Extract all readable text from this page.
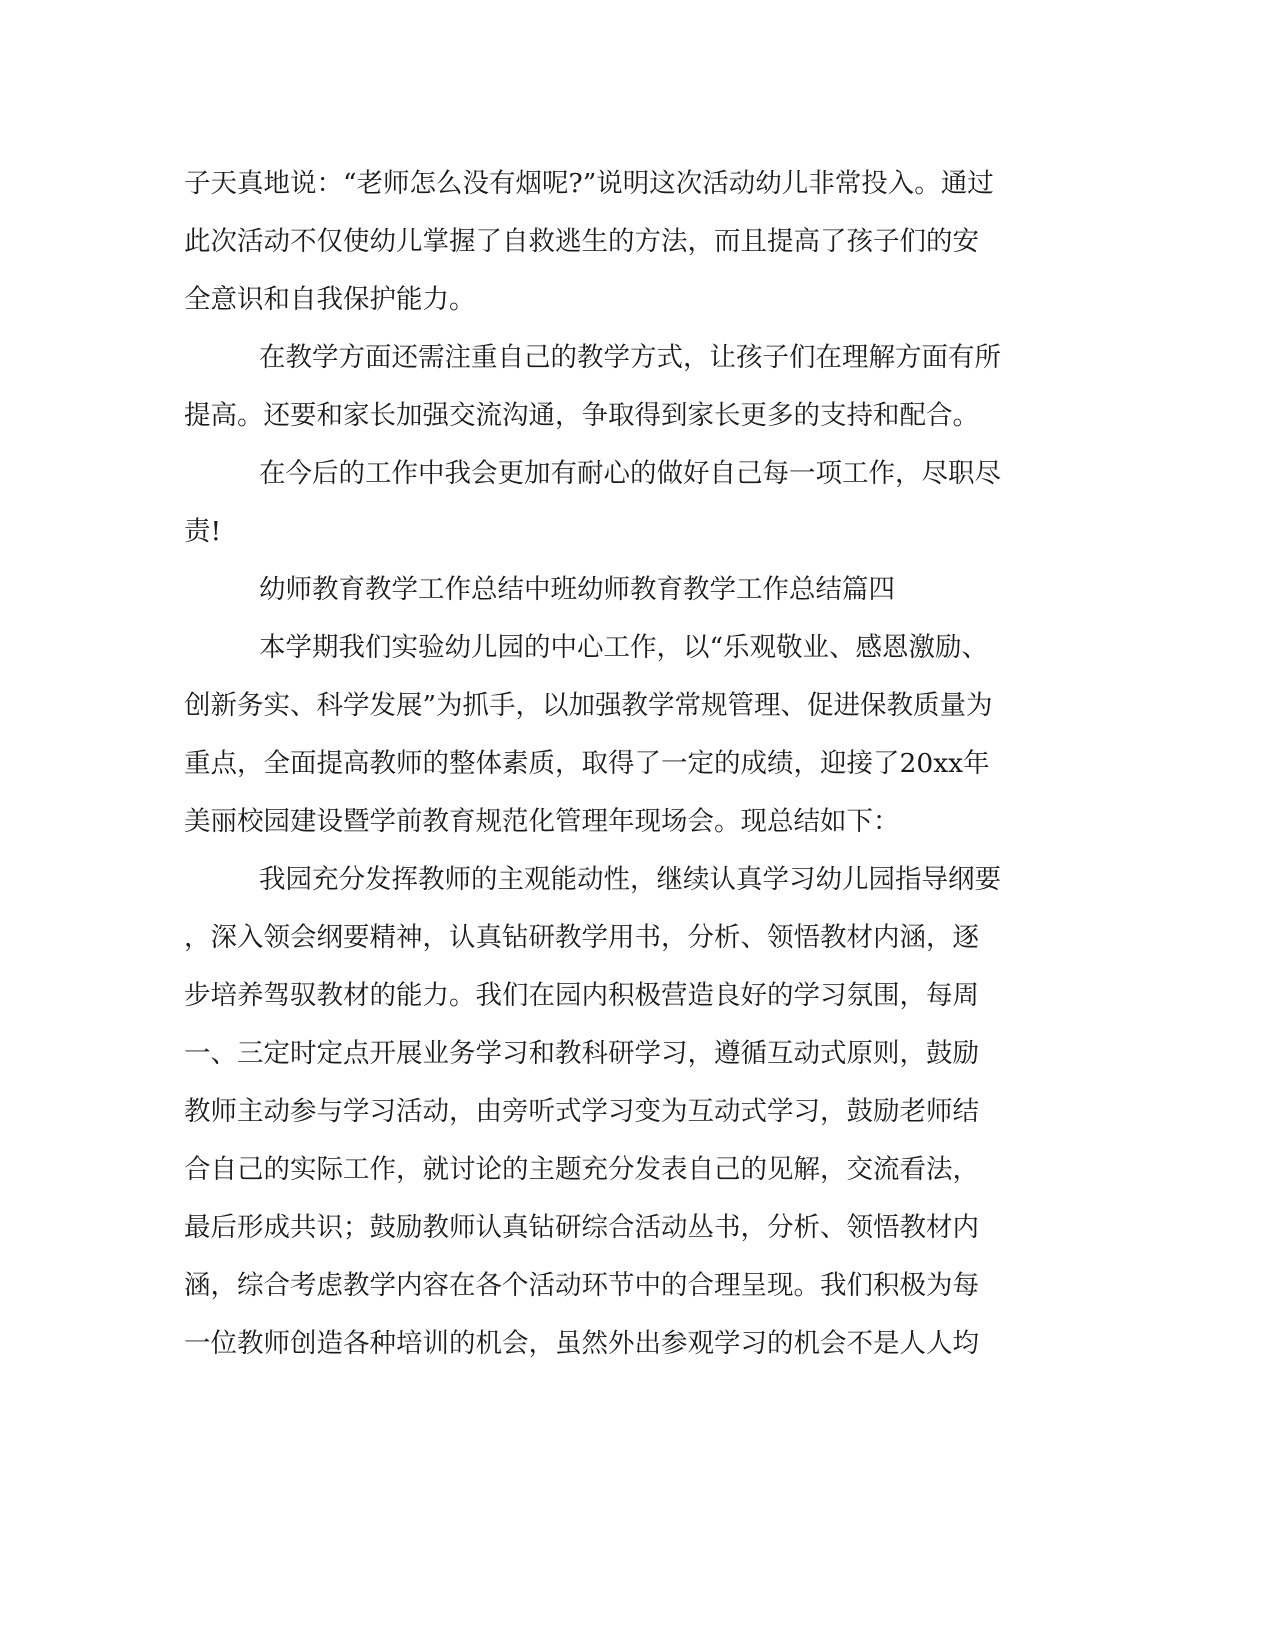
子天真地说：“老师怎么没有烟呢?”说明这次活动幼儿非常投入。通过
此次活动不仅使幼儿掌握了自救逃生的方法，而且提高了孩子们的安
全意识和自我保护能力。
在教学方面还需注重自己的教学方式，让孩子们在理解方面有所
提高。还要和家长加强交流沟通，争取得到家长更多的支持和配合。
在今后的工作中我会更加有耐心的做好自己每一项工作，尽职尽
责!
幼师教育教学工作总结中班幼师教育教学工作总结篇四
本学期我们实验幼儿园的中心工作，以“乐观敬业、感恩激励、
创新务实、科学发展”为抓手，以加强教学常规管理、促进保教质量为
重点，全面提高教师的整体素质，取得了一定的成绩，迎接了20xx年
美丽校园建设暨学前教育规范化管理年现场会。现总结如下：
我园充分发挥教师的主观能动性，继续认真学习幼儿园指导纲要
，深入领会纲要精神，认真钻研教学用书，分析、领悟教材内涵，逐
步培养驾驭教材的能力。我们在园内积极营造良好的学习氛围，每周
一、三定时定点开展业务学习和教科研学习，遵循互动式原则，鼓励
教师主动参与学习活动，由旁听式学习变为互动式学习，鼓励老师结
合自己的实际工作，就讨论的主题充分发表自己的见解，交流看法，
最后形成共识；鼓励教师认真钻研综合活动丛书，分析、领悟教材内
涵，综合考虑教学内容在各个活动环节中的合理呈现。我们积极为每
一位教师创造各种培训的机会，虽然外出参观学习的机会不是人人均
